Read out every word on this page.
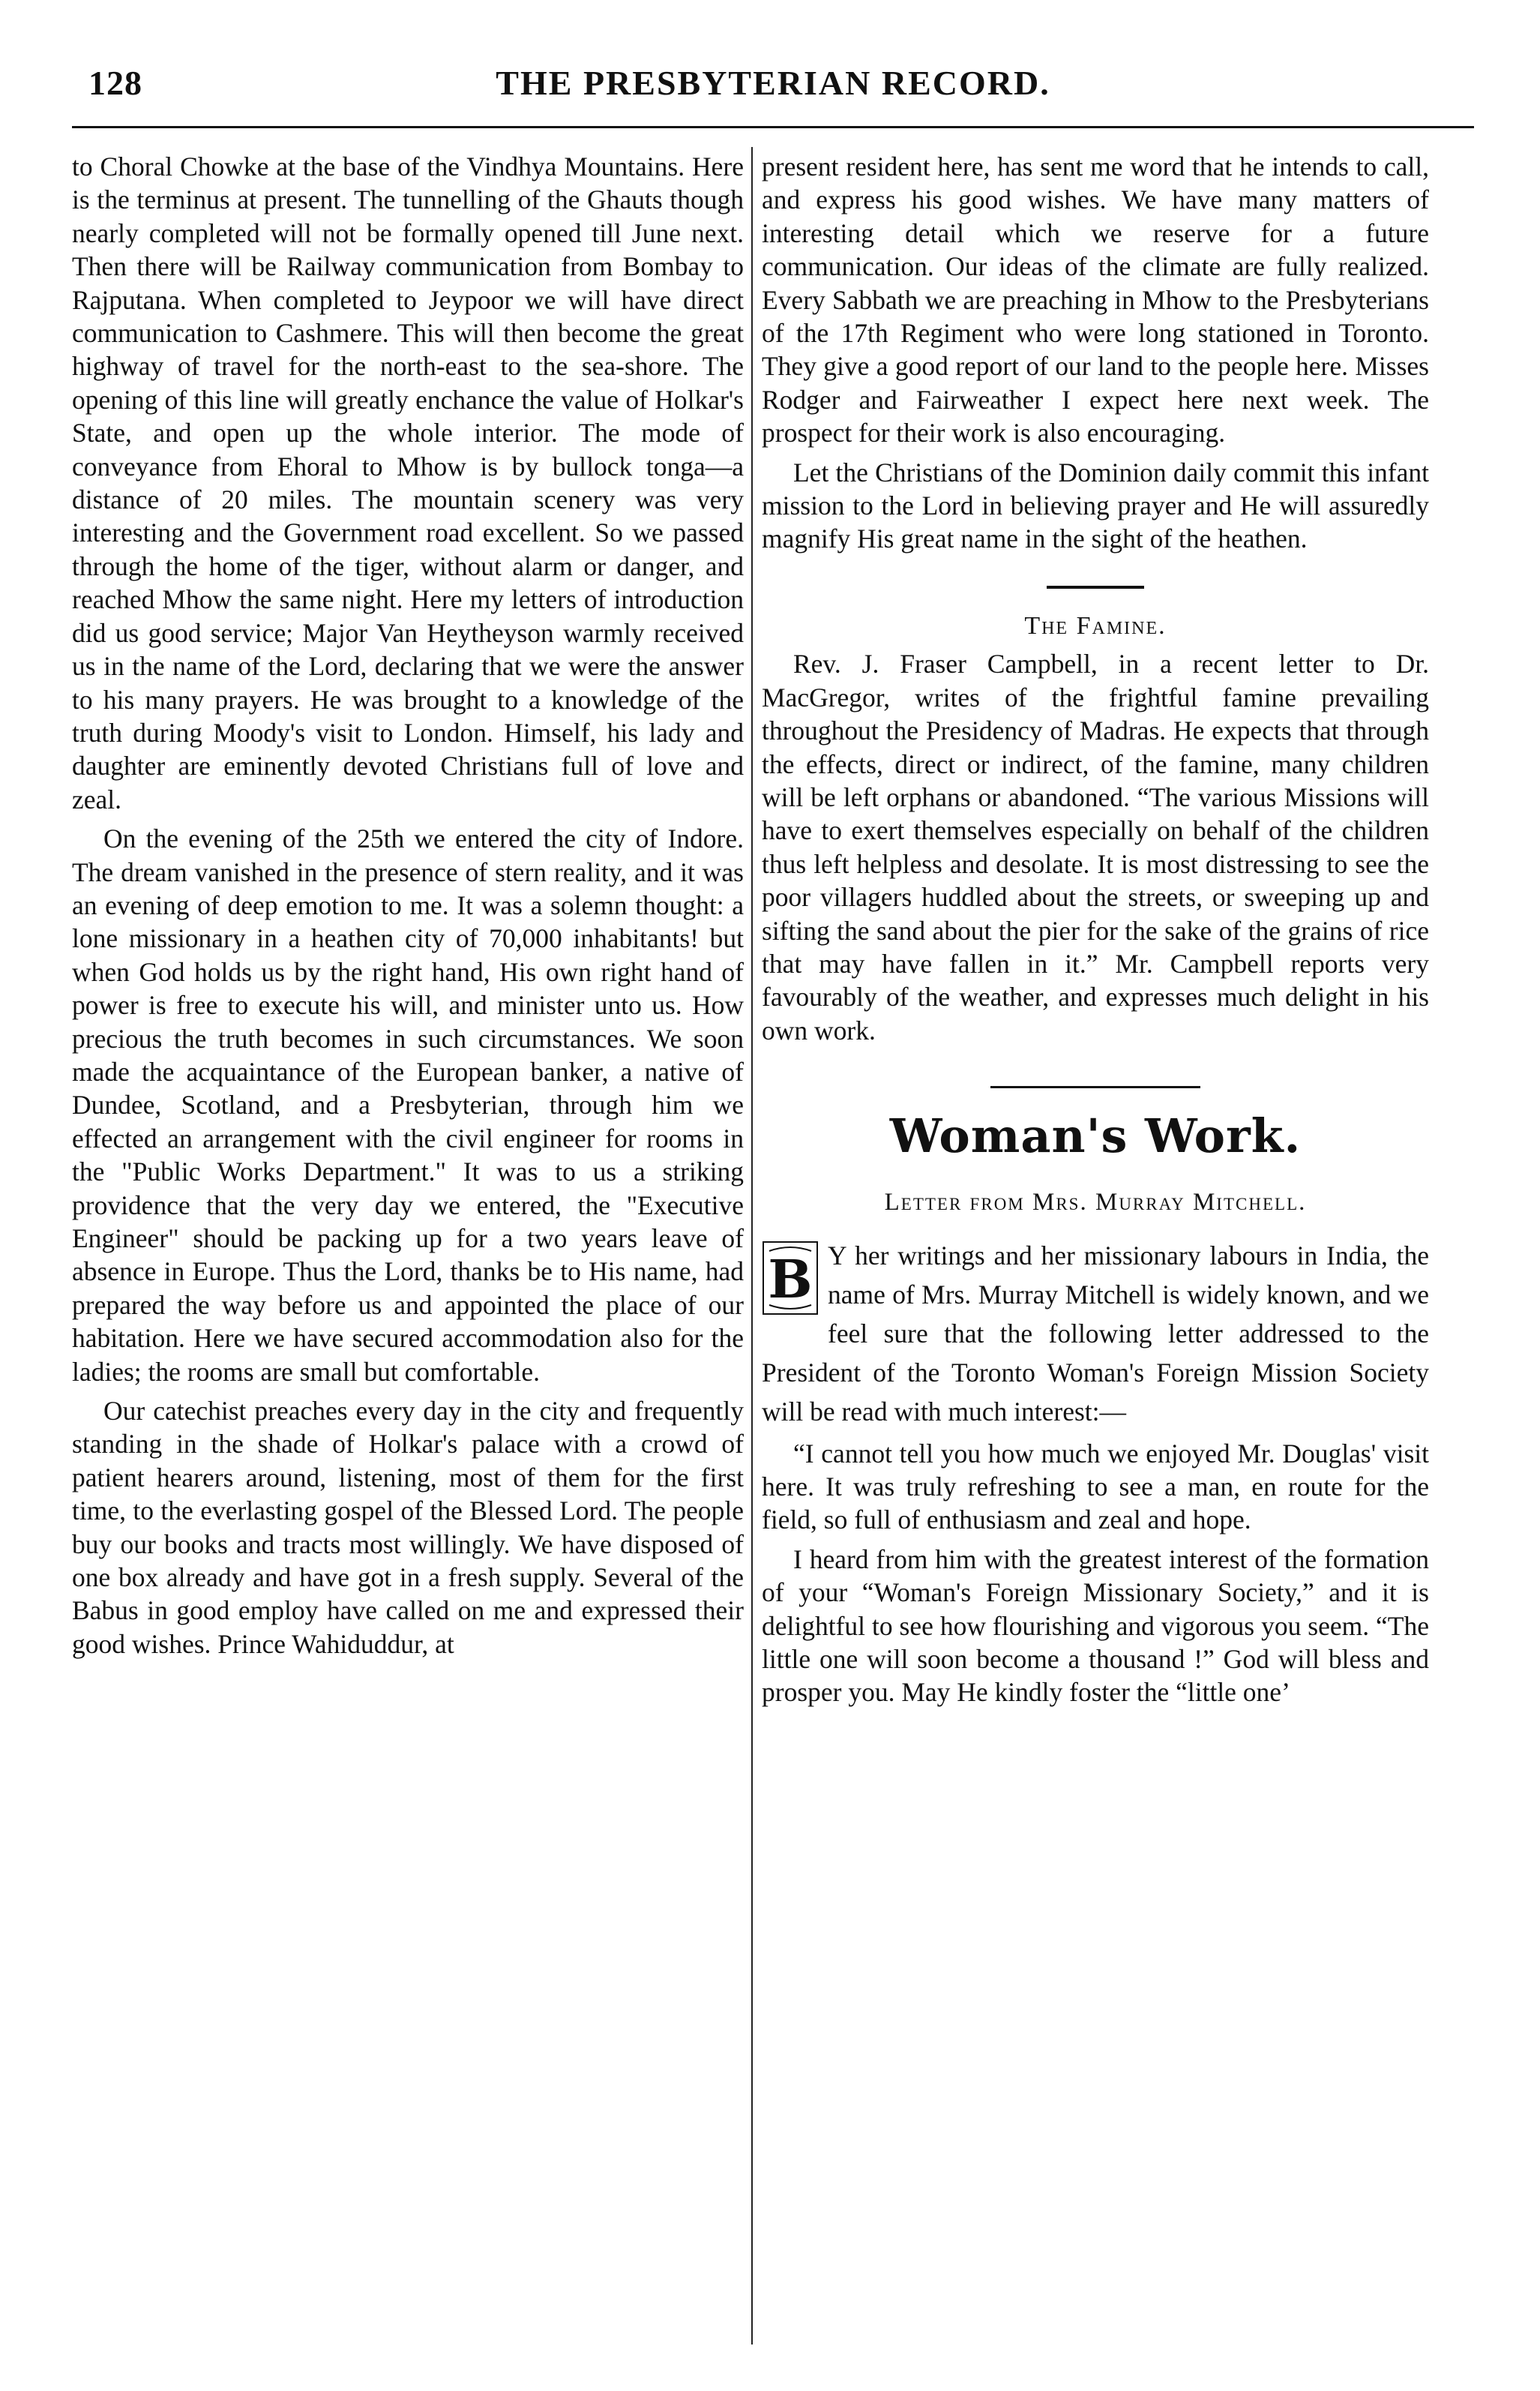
128	THE PRESBYTERIAN RECORD.

to Choral Chowke at the base of the Vindhya Mountains. Here is the terminus at present. The tunnelling of the Ghauts though nearly completed will not be formally opened till June next. Then there will be Railway communication from Bombay to Rajputana. When completed to Jeypoor we will have direct communication to Cashmere. This will then become the great highway of travel for the north-east to the sea-shore. The opening of this line will greatly enchance the value of Holkar's State, and open up the whole interior. The mode of conveyance from Ehoral to Mhow is by bullock tonga—a distance of 20 miles. The mountain scenery was very interesting and the Government road excellent. So we passed through the home of the tiger, without alarm or danger, and reached Mhow the same night. Here my letters of introduction did us good service; Major Van Heytheyson warmly received us in the name of the Lord, declaring that we were the answer to his many prayers. He was brought to a knowledge of the truth during Moody's visit to London. Himself, his lady and daughter are eminently devoted Christians full of love and zeal.

On the evening of the 25th we entered the city of Indore. The dream vanished in the presence of stern reality, and it was an evening of deep emotion to me. It was a solemn thought: a lone missionary in a heathen city of 70,000 inhabitants! but when God holds us by the right hand, His own right hand of power is free to execute his will, and minister unto us. How precious the truth becomes in such circumstances. We soon made the acquaintance of the European banker, a native of Dundee, Scotland, and a Presbyterian, through him we effected an arrangement with the civil engineer for rooms in the "Public Works Department." It was to us a striking providence that the very day we entered, the "Executive Engineer" should be packing up for a two years leave of absence in Europe. Thus the Lord, thanks be to His name, had prepared the way before us and appointed the place of our habitation. Here we have secured accommodation also for the ladies; the rooms are small but comfortable.

Our catechist preaches every day in the city and frequently standing in the shade of Holkar's palace with a crowd of patient hearers around, listening, most of them for the first time, to the everlasting gospel of the Blessed Lord. The people buy our books and tracts most willingly. We have disposed of one box already and have got in a fresh supply. Several of the Babus in good employ have called on me and expressed their good wishes. Prince Wahiduddur, at

present resident here, has sent me word that he intends to call, and express his good wishes. We have many matters of interesting detail which we reserve for a future communication. Our ideas of the climate are fully realized. Every Sabbath we are preaching in Mhow to the Presbyterians of the 17th Regiment who were long stationed in Toronto. They give a good report of our land to the people here. Misses Rodger and Fairweather I expect here next week. The prospect for their work is also encouraging.

Let the Christians of the Dominion daily commit this infant mission to the Lord in believing prayer and He will assuredly magnify His great name in the sight of the heathen.

The Famine.

Rev. J. Fraser Campbell, in a recent letter to Dr. MacGregor, writes of the frightful famine prevailing throughout the Presidency of Madras. He expects that through the effects, direct or indirect, of the famine, many children will be left orphans or abandoned. “The various Missions will have to exert themselves especially on behalf of the children thus left helpless and desolate. It is most distressing to see the poor villagers huddled about the streets, or sweeping up and sifting the sand about the pier for the sake of the grains of rice that may have fallen in it.” Mr. Campbell reports very favourably of the weather, and expresses much delight in his own work.

Woman's Work.
Letter from Mrs. Murray Mitchell.

B Y her writings and her missionary labours in India, the name of Mrs. Murray Mitchell is widely known, and we feel sure that the following letter addressed to the President of the Toronto Woman's Foreign Mission Society will be read with much interest:—

“I cannot tell you how much we enjoyed Mr. Douglas' visit here. It was truly refreshing to see a man, en route for the field, so full of enthusiasm and zeal and hope.

I heard from him with the greatest interest of the formation of your “Woman's Foreign Missionary Society,” and it is delightful to see how flourishing and vigorous you seem. “The little one will soon become a thousand !” God will bless and prosper you. May He kindly foster the “little one’
